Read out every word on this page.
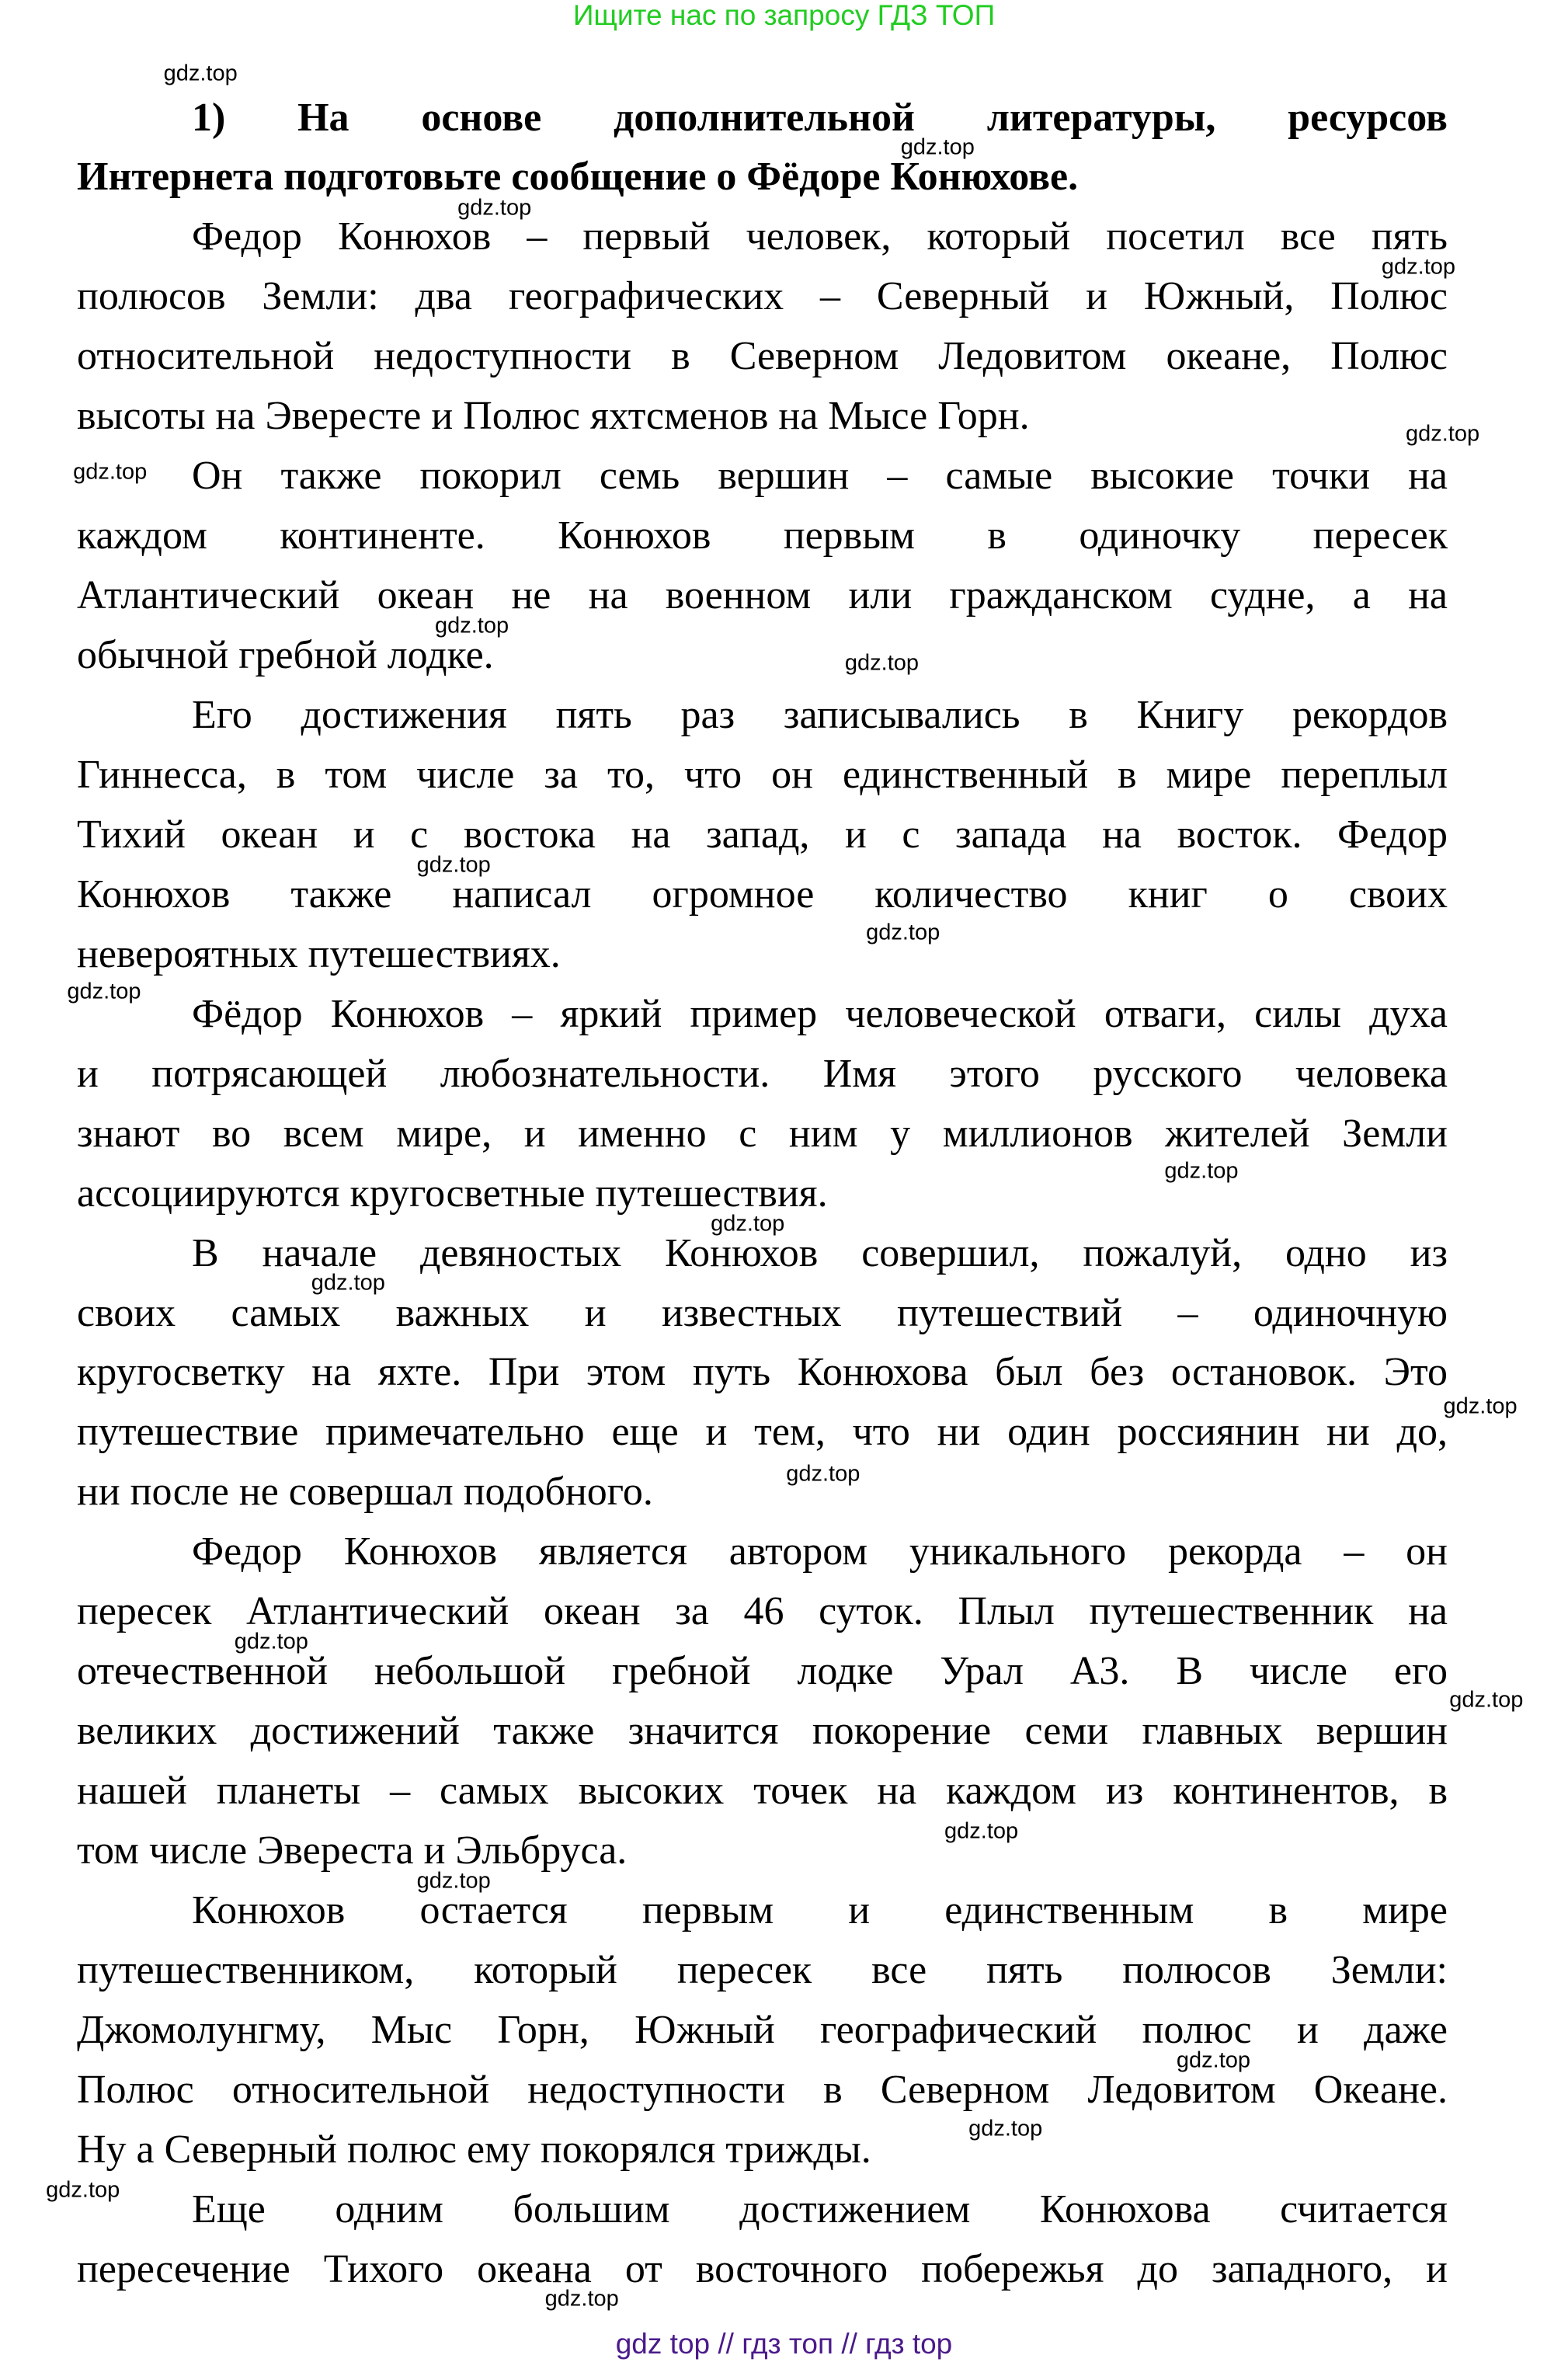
Ищите нас по запросу ГДЗ ТОП
1) На основе дополнительной литературы, ресурсов
Интернета подготовьте сообщение о Фёдоре Конюхове.
Федор Конюхов – первый человек, который посетил все пять
полюсов Земли: два географических – Северный и Южный, Полюс
относительной недоступности в Северном Ледовитом океане, Полюс
высоты на Эвересте и Полюс яхтсменов на Мысе Горн.
Он также покорил семь вершин – самые высокие точки на
каждом континенте. Конюхов первым в одиночку пересек
Атлантический океан не на военном или гражданском судне, а на
обычной гребной лодке.
Его достижения пять раз записывались в Книгу рекордов
Гиннесса, в том числе за то, что он единственный в мире переплыл
Тихий океан и с востока на запад, и с запада на восток. Федор
Конюхов также написал огромное количество книг о своих
невероятных путешествиях.
Фёдор Конюхов – яркий пример человеческой отваги, силы духа
и потрясающей любознательности. Имя этого русского человека
знают во всем мире, и именно с ним у миллионов жителей Земли
ассоциируются кругосветные путешествия.
В начале девяностых Конюхов совершил, пожалуй, одно из
своих самых важных и известных путешествий – одиночную
кругосветку на яхте. При этом путь Конюхова был без остановок. Это
путешествие примечательно еще и тем, что ни один россиянин ни до,
ни после не совершал подобного.
Федор Конюхов является автором уникального рекорда – он
пересек Атлантический океан за 46 суток. Плыл путешественник на
отечественной небольшой гребной лодке Урал А3. В числе его
великих достижений также значится покорение семи главных вершин
нашей планеты – самых высоких точек на каждом из континентов, в
том числе Эвереста и Эльбруса.
Конюхов остается первым и единственным в мире
путешественником, который пересек все пять полюсов Земли:
Джомолунгму, Мыс Горн, Южный географический полюс и даже
Полюс относительной недоступности в Северном Ледовитом Океане.
Ну а Северный полюс ему покорялся трижды.
Еще одним большим достижением Конюхова считается
пересечение Тихого океана от восточного побережья до западного, и
gdz.top
gdz.top
gdz.top
gdz.top
gdz.top
gdz.top
gdz.top
gdz.top
gdz.top
gdz.top
gdz.top
gdz.top
gdz.top
gdz.top
gdz.top
gdz.top
gdz.top
gdz.top
gdz.top
gdz.top
gdz.top
gdz.top
gdz.top
gdz.top
gdz top // гдз топ // гдз top
